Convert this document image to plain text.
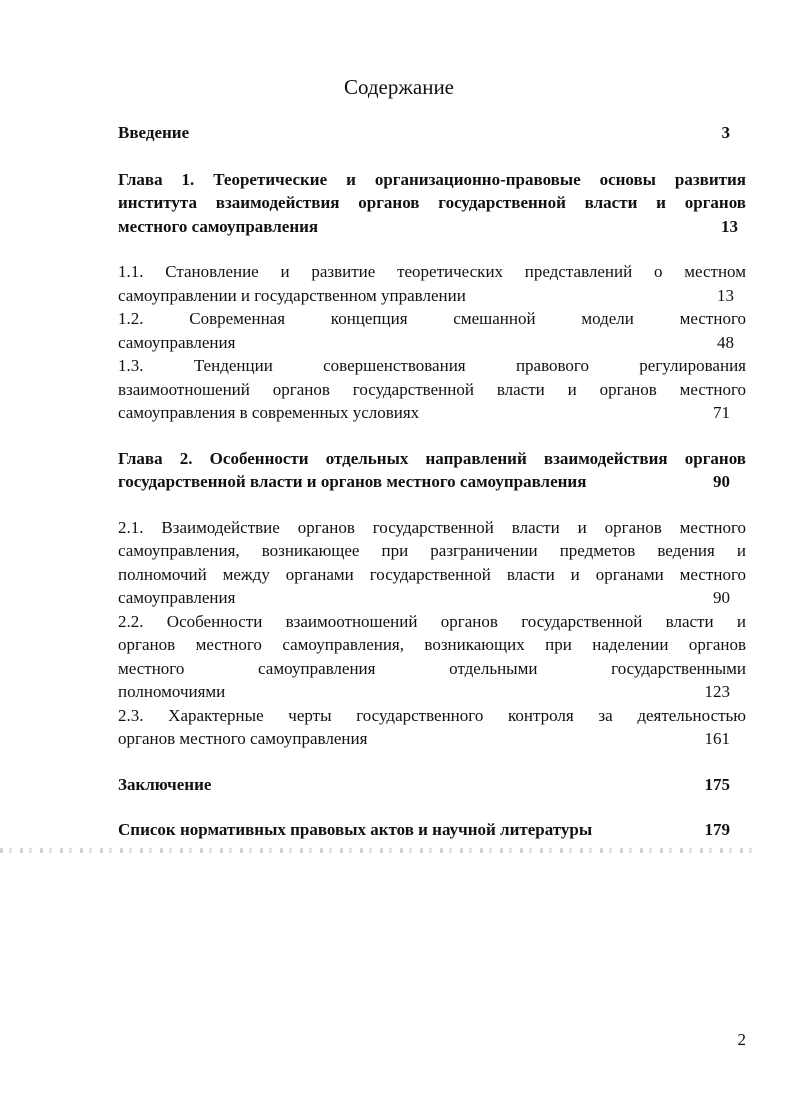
Содержание
Введение	3
Глава 1. Теоретические и организационно-правовые основы развития
института взаимодействия органов государственной власти и органов
местного самоуправления	13
1.1. Становление и развитие теоретических представлений о местном
самоуправлении и государственном управлении	13
1.2. Современная концепция смешанной модели местного
самоуправления	48
1.3. Тенденции совершенствования правового регулирования
взаимоотношений органов государственной власти и органов местного
самоуправления в современных условиях	71
Глава 2. Особенности отдельных направлений взаимодействия органов
государственной власти и органов местного самоуправления	90
2.1. Взаимодействие органов государственной власти и органов местного
самоуправления, возникающее при разграничении предметов ведения и
полномочий между органами государственной власти и органами местного
самоуправления	90
2.2. Особенности взаимоотношений органов государственной власти и
органов местного самоуправления, возникающих при наделении органов
местного самоуправления отдельными государственными
полномочиями	123
2.3. Характерные черты государственного контроля за деятельностью
органов местного самоуправления	161
Заключение	175
Список нормативных правовых актов и научной литературы	179
2
